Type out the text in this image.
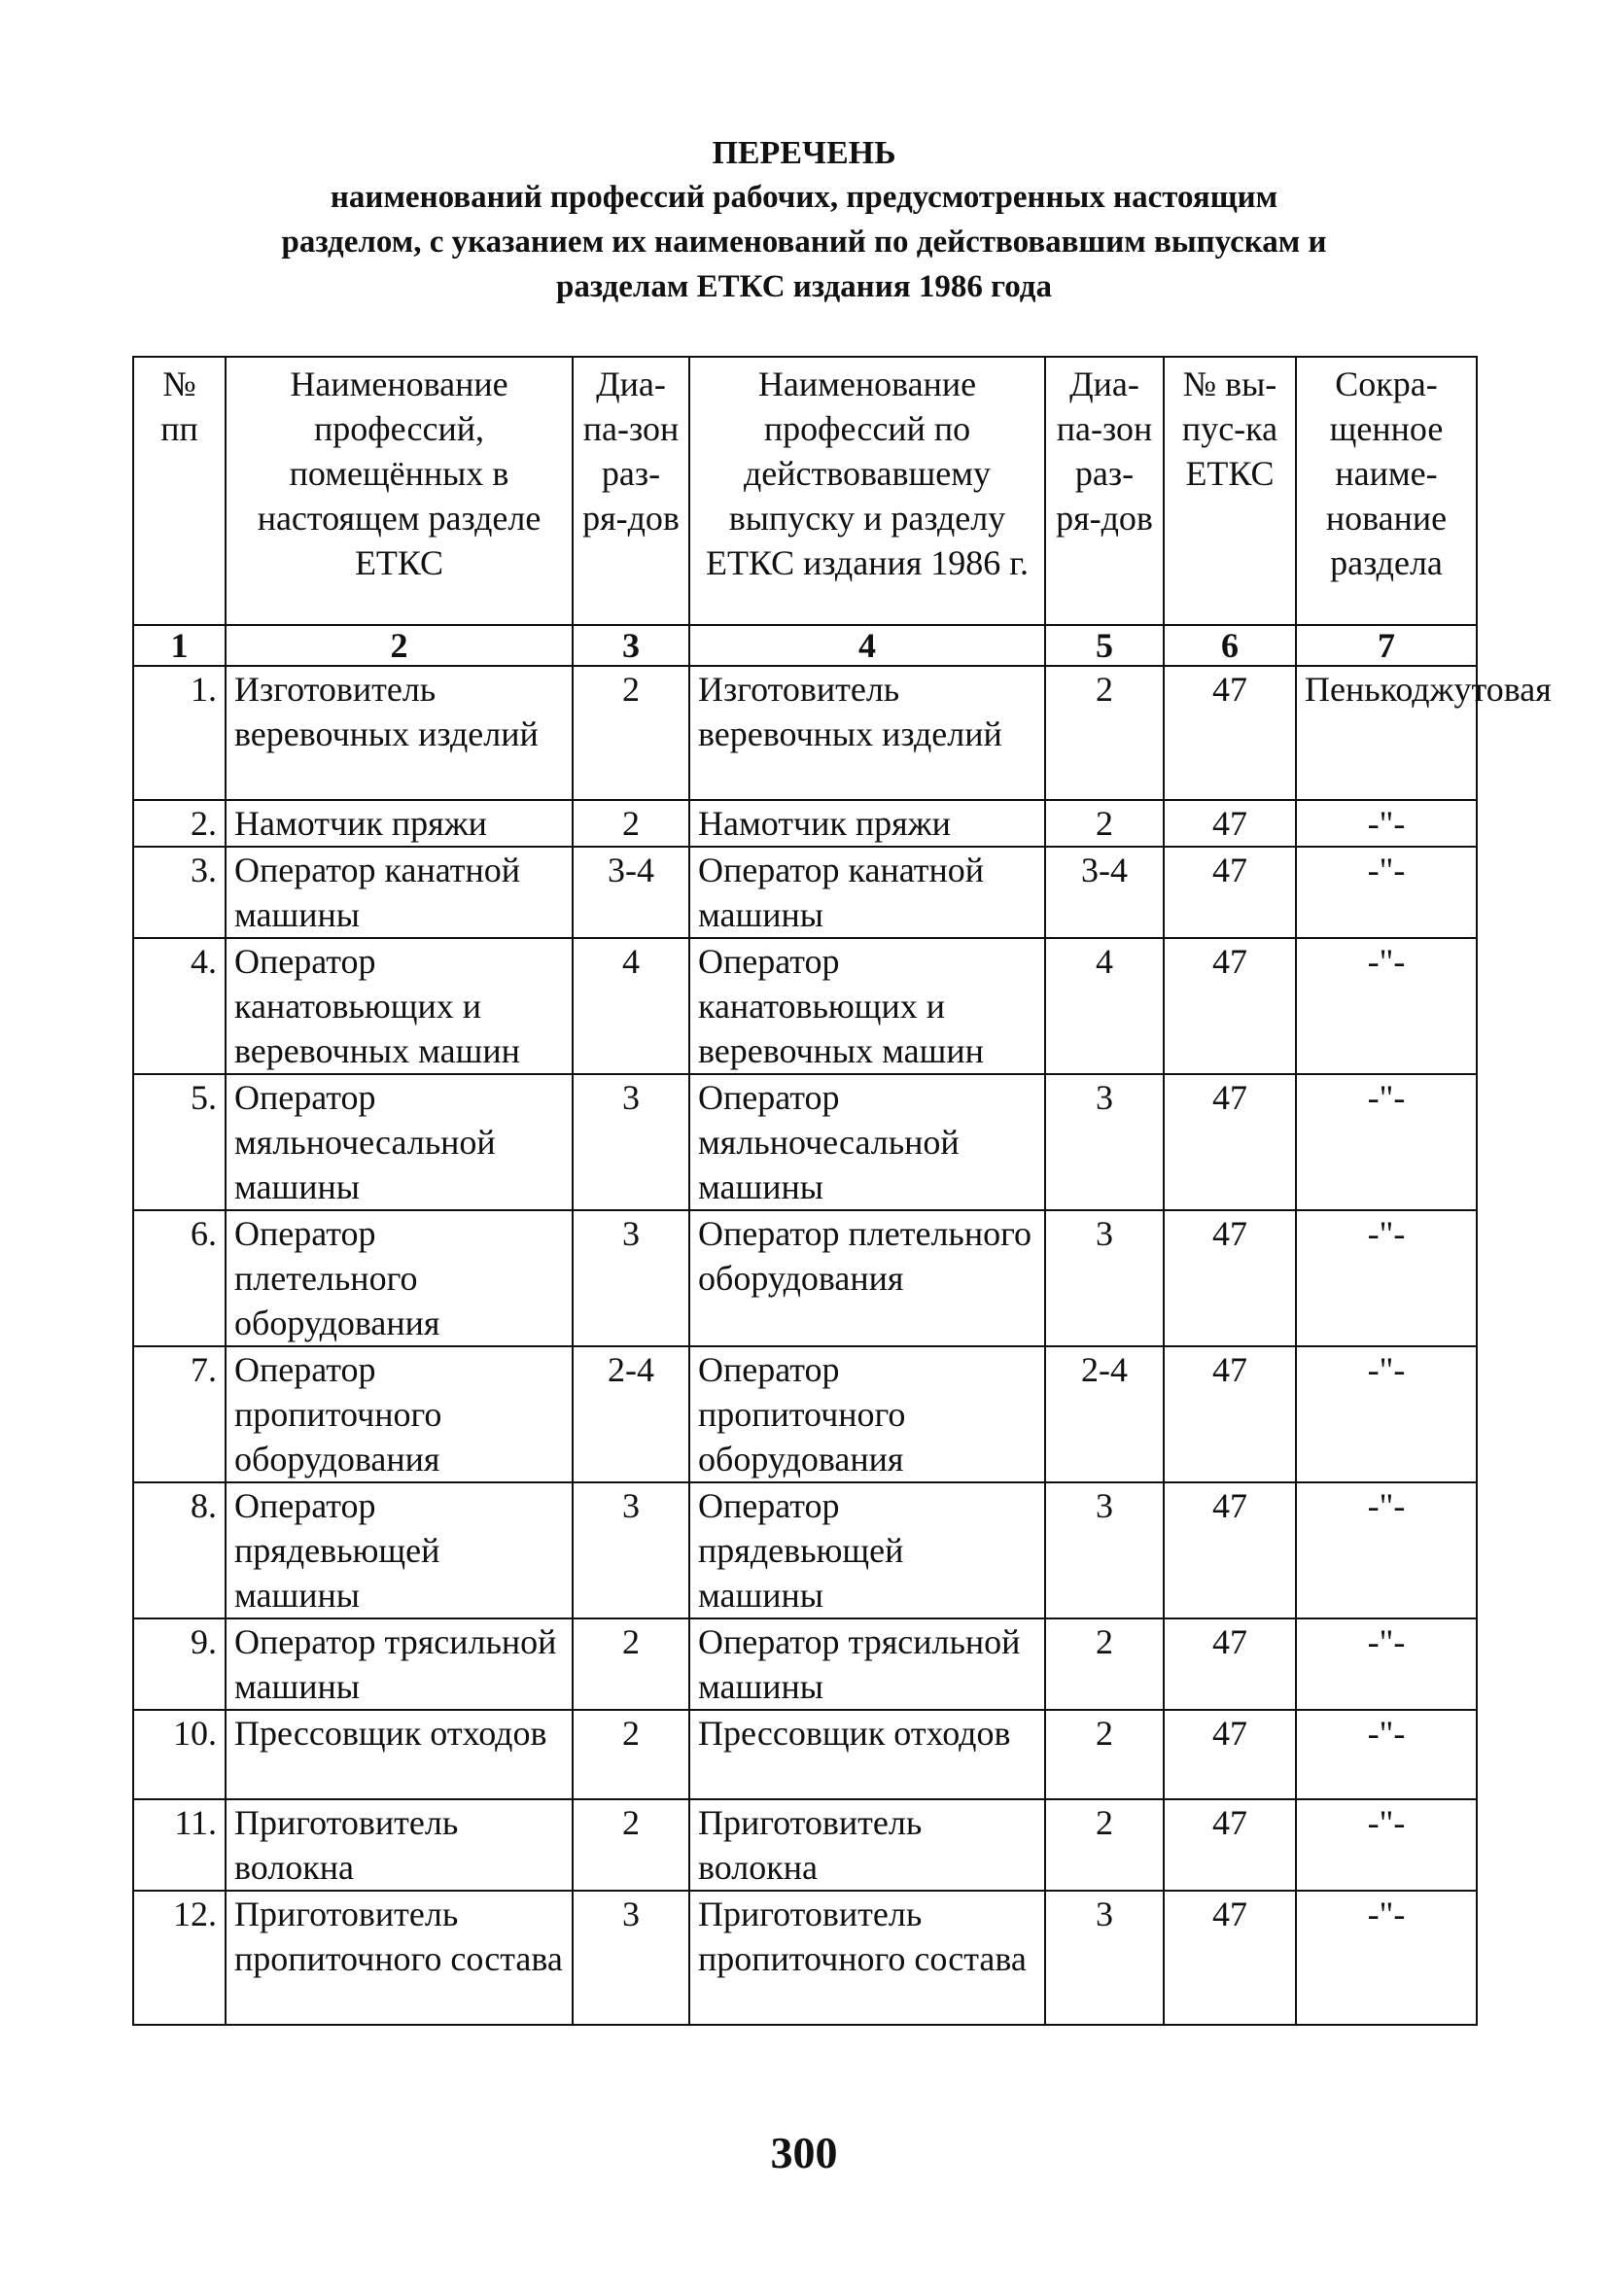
ПЕРЕЧЕНЬ
наименований профессий рабочих, предусмотренных настоящим
разделом, с указанием их наименований по действовавшим выпускам и
разделам ЕТКС издания 1986 года
№ пп	Наименование профессий, помещённых в настоящем разделе ЕТКС	Диа-па-зон раз-ря-дов	Наименование профессий по действовавшему выпуску и разделу ЕТКС издания 1986 г.	Диа-па-зон раз-ря-дов	№ вы-пус-ка ЕТКС	Сокра-щенное наиме-нование раздела
1	2	3	4	5	6	7
1.	Изготовитель веревочных изделий	2	Изготовитель веревочных изделий	2	47	Пенькоджутовая
2.	Намотчик пряжи	2	Намотчик пряжи	2	47	-"-
3.	Оператор канатной машины	3-4	Оператор канатной машины	3-4	47	-"-
4.	Оператор канатовьющих и веревочных машин	4	Оператор канатовьющих и веревочных машин	4	47	-"-
5.	Оператор мяльночесальной машины	3	Оператор мяльночесальной машины	3	47	-"-
6.	Оператор плетельного оборудования	3	Оператор плетельного оборудования	3	47	-"-
7.	Оператор пропиточного оборудования	2-4	Оператор пропиточного оборудования	2-4	47	-"-
8.	Оператор прядевьющей машины	3	Оператор прядевьющей машины	3	47	-"-
9.	Оператор трясильной машины	2	Оператор трясильной машины	2	47	-"-
10.	Прессовщик отходов	2	Прессовщик отходов	2	47	-"-
11.	Приготовитель волокна	2	Приготовитель волокна	2	47	-"-
12.	Приготовитель пропиточного состава	3	Приготовитель пропиточного состава	3	47	-"-
300
